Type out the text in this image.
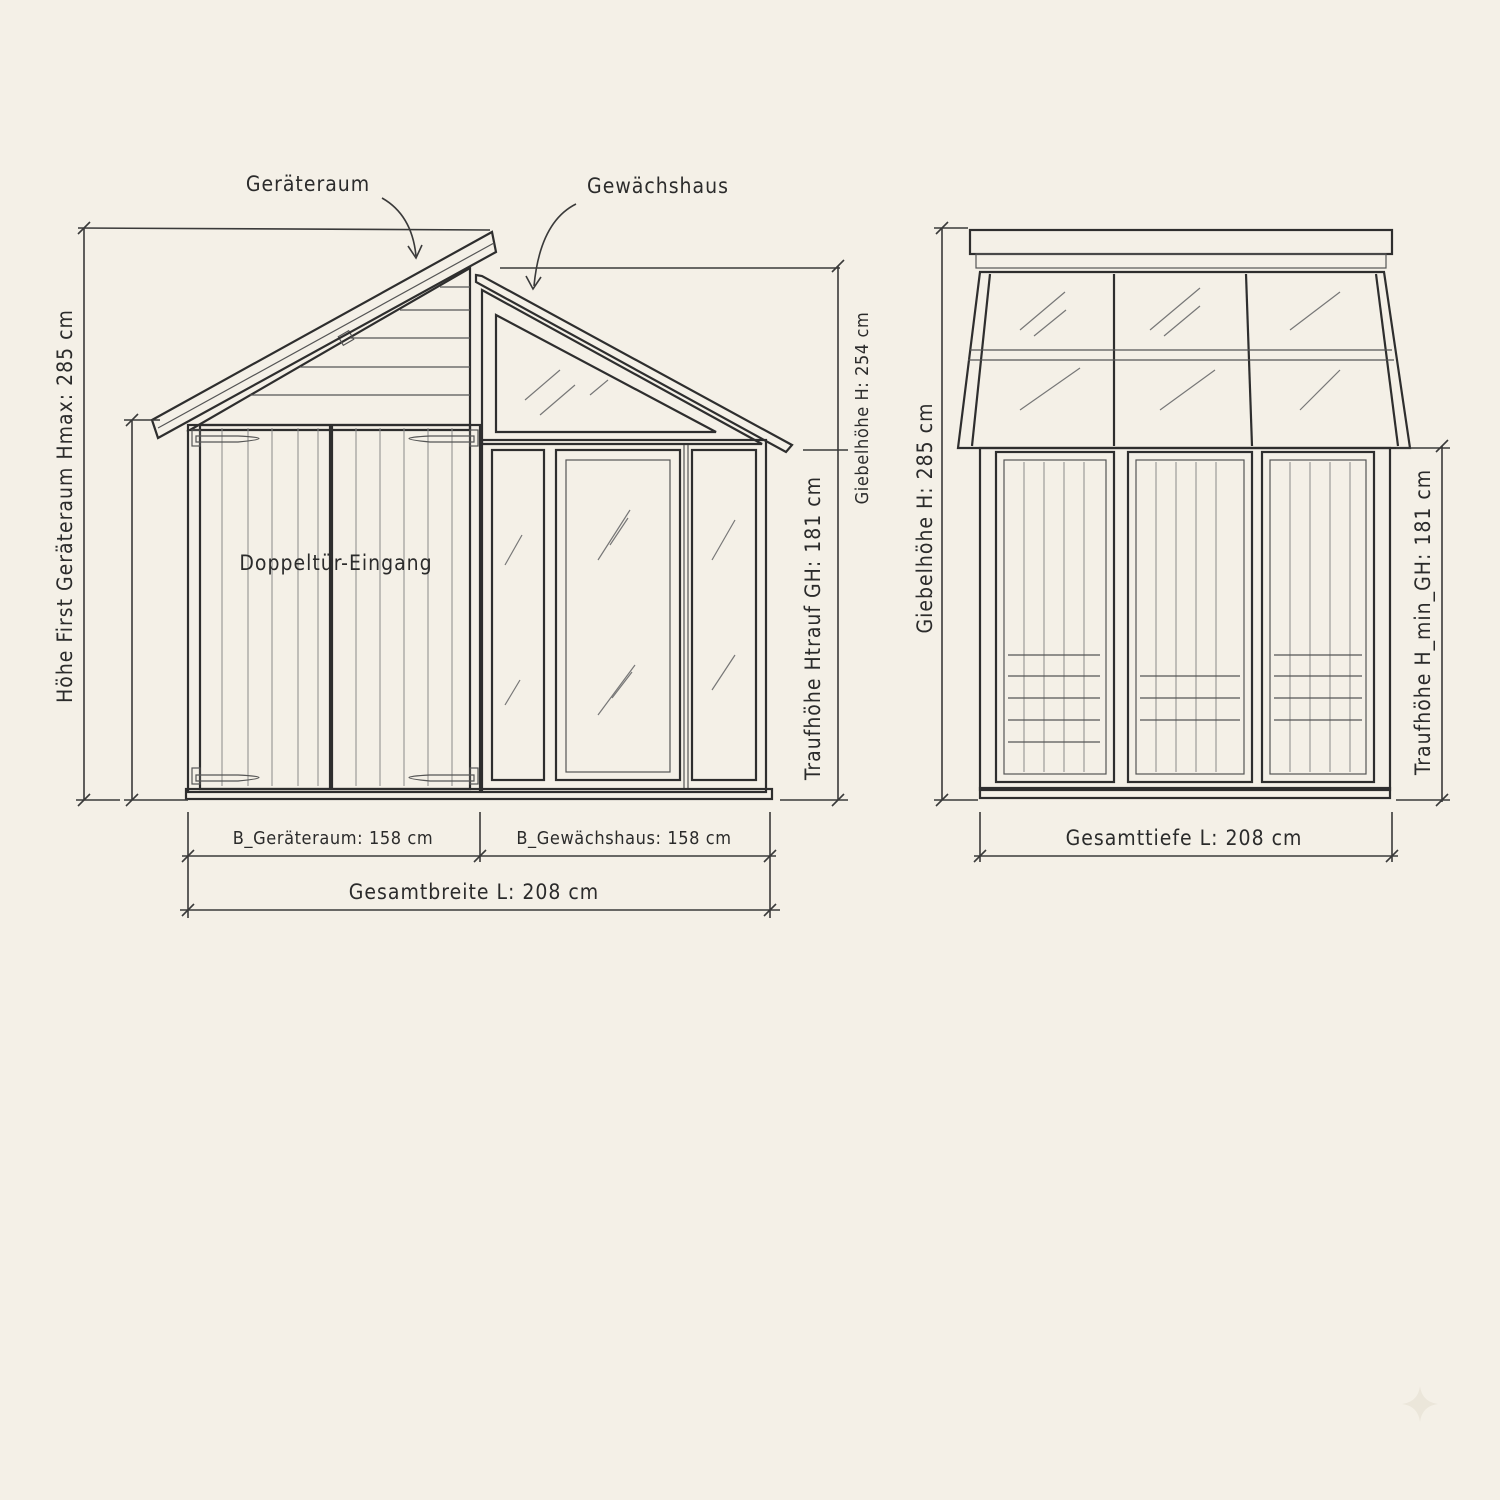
Geräteraum	Gewächshaus
Doppeltür-Eingang
Höhe First Geräteraum Hmax: 285 cm	Traufhöhe Htrauf GH: 181 cm
Giebelhöhe H: 254 cm
B_Geräteraum: 158 cm	B_Gewächshaus: 158 cm
Gesamtbreite L: 208 cm
Giebelhöhe H: 285 cm	Traufhöhe H_min_GH: 181 cm
Gesamttiefe L: 208 cm
